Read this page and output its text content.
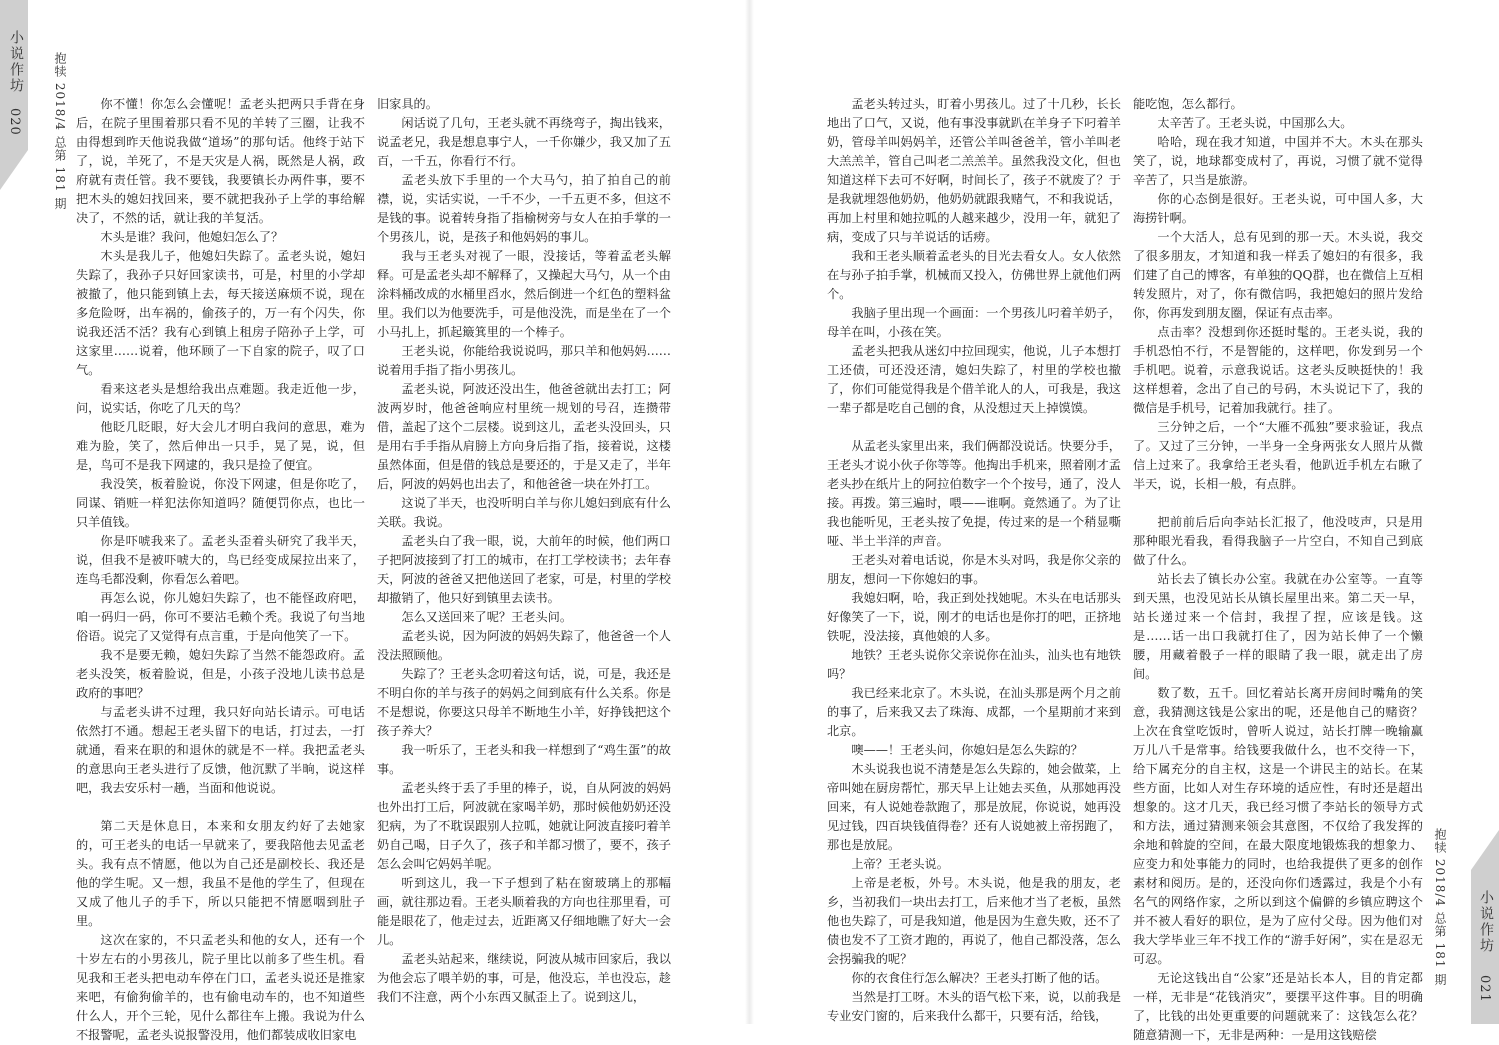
小说作坊
020	抱犊 2018/4 总第 181 期	你不懂！你怎么会懂呢！孟老头把两只手背在身后，在院子里围着那只看不见的羊转了三圈，让我不由得想到昨天他说我做“道场”的那句话。他终于站下了，说，羊死了，不是天灾是人祸，既然是人祸，政府就有责任管。我不要钱，我要镇长办两件事，要不把木头的媳妇找回来，要不就把我孙子上学的事给解决了，不然的话，就让我的羊复活。

木头是谁？我问，他媳妇怎么了？

木头是我儿子，他媳妇失踪了。孟老头说，媳妇失踪了，我孙子只好回家读书，可是，村里的小学却被撤了，他只能到镇上去，每天接送麻烦不说，现在多危险呀，出车祸的，偷孩子的，万一有个闪失，你说我还活不活？我有心到镇上租房子陪孙子上学，可这家里……说着，他环顾了一下自家的院子，叹了口气。

看来这老头是想给我出点难题。我走近他一步，问，说实话，你吃了几天的鸟？

他眨几眨眼，好大会儿才明白我问的意思，难为难为脸，笑了，然后伸出一只手，晃了晃，说，但是，鸟可不是我下网逮的，我只是捡了便宜。

我没笑，板着脸说，你没下网逮，但是你吃了，同谋、销赃一样犯法你知道吗？随便罚你点，也比一只羊值钱。

你是吓唬我来了。孟老头歪着头研究了我半天，说，但我不是被吓唬大的，鸟已经变成屎拉出来了，连鸟毛都没剩，你看怎么着吧。

再怎么说，你儿媳妇失踪了，也不能怪政府吧，咱一码归一码，你可不要沾毛赖个秃。我说了句当地俗语。说完了又觉得有点言重，于是向他笑了一下。

我不是要无赖，媳妇失踪了当然不能怨政府。孟老头没笑，板着脸说，但是，小孩子没地儿读书总是政府的事吧？

与孟老头讲不过理，我只好向站长请示。可电话依然打不通。想起王老头留下的电话，打过去，一打就通，看来在职的和退休的就是不一样。我把孟老头的意思向王老头进行了反馈，他沉默了半晌，说这样吧，我去安乐村一趟，当面和他说说。

第二天是休息日，本来和女朋友约好了去她家的，可王老头的电话一早就来了，要我陪他去见孟老头。我有点不情愿，他以为自己还是副校长、我还是他的学生呢。又一想，我虽不是他的学生了，但现在又成了他儿子的手下，所以只能把不情愿咽到肚子里。

这次在家的，不只孟老头和他的女人，还有一个十岁左右的小男孩儿，院子里比以前多了些生机。看见我和王老头把电动车停在门口，孟老头说还是推家来吧，有偷狗偷羊的，也有偷电动车的，也不知道些什么人，开个三轮，见什么都往车上搬。我说为什么不报警呢，孟老头说报警没用，他们都装成收旧家电

旧家具的。

闲话说了几句，王老头就不再绕弯子，掏出钱来，说孟老兄，我是想息事宁人，一千你嫌少，我又加了五百，一千五，你看行不行。

孟老头放下手里的一个大马勺，拍了拍自己的前襟，说，实话实说，一千不少，一千五更不多，但这不是钱的事。说着转身指了指榆树旁与女人在拍手掌的一个男孩儿，说，是孩子和他妈妈的事儿。

我与王老头对视了一眼，没接话，等着孟老头解释。可是孟老头却不解释了，又操起大马勺，从一个由涂料桶改成的水桶里舀水，然后倒进一个红色的塑料盆里。我们以为他要洗手，可是他没洗，而是坐在了一个小马扎上，抓起簸箕里的一个棒子。

王老头说，你能给我说说吗，那只羊和他妈妈……说着用手指了指小男孩儿。

孟老头说，阿波还没出生，他爸爸就出去打工；阿波两岁时，他爸爸响应村里统一规划的号召，连攒带借，盖起了这个二层楼。说到这儿，孟老头没回头，只是用右手手指从肩膀上方向身后指了指，接着说，这楼虽然体面，但是借的钱总是要还的，于是又走了，半年后，阿波的妈妈也出去了，和他爸爸一块在外打工。

这说了半天，也没听明白羊与你儿媳妇到底有什么关联。我说。

孟老头白了我一眼，说，大前年的时候，他们两口子把阿波接到了打工的城市，在打工学校读书；去年春天，阿波的爸爸又把他送回了老家，可是，村里的学校却撤销了，他只好到镇里去读书。

怎么又送回来了呢？王老头问。

孟老头说，因为阿波的妈妈失踪了，他爸爸一个人没法照顾他。

失踪了？王老头念叨着这句话，说，可是，我还是不明白你的羊与孩子的妈妈之间到底有什么关系。你是不是想说，你要这只母羊不断地生小羊，好挣钱把这个孩子养大？

我一听乐了，王老头和我一样想到了“鸡生蛋”的故事。

孟老头终于丢了手里的棒子，说，自从阿波的妈妈也外出打工后，阿波就在家喝羊奶，那时候他奶奶还没犯病，为了不耽误跟别人拉呱，她就让阿波直接叼着羊奶自己喝，日子久了，孩子和羊都习惯了，要不，孩子怎么会叫它妈妈羊呢。

听到这儿，我一下子想到了粘在窗玻璃上的那幅画，就往那边看。王老头顺着我的方向也往那里看，可能是眼花了，他走过去，近距离又仔细地瞧了好大一会儿。

孟老头站起来，继续说，阿波从城市回家后，我以为他会忘了喂羊奶的事，可是，他没忘，羊也没忘，趁我们不注意，两个小东西又腻歪上了。说到这儿，

孟老头转过头，盯着小男孩儿。过了十几秒，长长地出了口气，又说，他有事没事就趴在羊身子下叼着羊奶，管母羊叫妈妈羊，还管公羊叫爸爸羊，管小羊叫老大羔羔羊，管自己叫老二羔羔羊。虽然我没文化，但也知道这样下去可不好啊，时间长了，孩子不就废了？于是我就埋怨他奶奶，他奶奶就跟我赌气，不和我说话，再加上村里和她拉呱的人越来越少，没用一年，就犯了病，变成了只与羊说话的话痨。

我和王老头顺着孟老头的目光去看女人。女人依然在与孙子拍手掌，机械而又投入，仿佛世界上就他们两个。

我脑子里出现一个画面：一个男孩儿叼着羊奶子，母羊在叫，小孩在笑。

孟老头把我从迷幻中拉回现实，他说，儿子本想打工还债，可还没还清，媳妇失踪了，村里的学校也撤了，你们可能觉得我是个借羊讹人的人，可我是，我这一辈子都是吃自己刨的食，从没想过天上掉馍馍。

从孟老头家里出来，我们俩都没说话。快要分手，王老头才说小伙子你等等。他掏出手机来，照着刚才孟老头抄在纸片上的阿拉伯数字一个个按号，通了，没人接。再拨。第三遍时，喂——谁啊。竟然通了。为了让我也能听见，王老头按了免提，传过来的是一个稍显嘶哑、半土半洋的声音。

王老头对着电话说，你是木头对吗，我是你父亲的朋友，想问一下你媳妇的事。

我媳妇啊，哈，我正到处找她呢。木头在电话那头好像笑了一下，说，刚才的电话也是你打的吧，正挤地铁呢，没法接，真他娘的人多。

地铁？王老头说你父亲说你在汕头，汕头也有地铁吗？

我已经来北京了。木头说，在汕头那是两个月之前的事了，后来我又去了珠海、成都，一个星期前才来到北京。

噢——！王老头问，你媳妇是怎么失踪的？

木头说我也说不清楚是怎么失踪的，她会做菜，上帝叫她在厨房帮忙，那天早上让她去买鱼，从那她再没回来，有人说她卷款跑了，那是放屁，你说说，她再没见过钱，四百块钱值得卷？还有人说她被上帝拐跑了，那也是放屁。

上帝？王老头说。

上帝是老板，外号。木头说，他是我的朋友，老乡，当初我们一块出去打工，后来他才当了老板，虽然他也失踪了，可是我知道，他是因为生意失败，还不了债也发不了工资才跑的，再说了，他自己都没落，怎么会拐骗我的呢？

你的衣食住行怎么解决？王老头打断了他的话。

当然是打工呀。木头的语气松下来，说，以前我是专业安门窗的，后来我什么都干，只要有活，给钱，

能吃饱，怎么都行。

太辛苦了。王老头说，中国那么大。

哈哈，现在我才知道，中国并不大。木头在那头笑了，说，地球都变成村了，再说，习惯了就不觉得辛苦了，只当是旅游。

你的心态倒是很好。王老头说，可中国人多，大海捞针啊。

一个大活人，总有见到的那一天。木头说，我交了很多朋友，才知道和我一样丢了媳妇的有很多，我们建了自己的博客，有单独的QQ群，也在微信上互相转发照片，对了，你有微信吗，我把媳妇的照片发给你，你再发到朋友圈，保证有点击率。

点击率？没想到你还挺时髦的。王老头说，我的手机恐怕不行，不是智能的，这样吧，你发到另一个手机吧。说着，示意我说话。这老头反映挺快的！我这样想着，念出了自己的号码，木头说记下了，我的微信是手机号，记着加我就行。挂了。

三分钟之后，一个“大雁不孤独”要求验证，我点了。又过了三分钟，一半身一全身两张女人照片从微信上过来了。我拿给王老头看，他趴近手机左右瞅了半天，说，长相一般，有点胖。

把前前后后向李站长汇报了，他没吱声，只是用那种眼光看我，看得我脑子一片空白，不知自己到底做了什么。

站长去了镇长办公室。我就在办公室等。一直等到天黑，也没见站长从镇长屋里出来。第二天一早，站长递过来一个信封，我捏了捏，应该是钱。这是……话一出口我就打住了，因为站长伸了一个懒腰，用藏着骰子一样的眼睛了我一眼，就走出了房间。

数了数，五千。回忆着站长离开房间时嘴角的笑意，我猜测这钱是公家出的呢，还是他自己的赌资？上次在食堂吃饭时，曾听人说过，站长打牌一晚输赢万儿八千是常事。给钱要我做什么，也不交待一下，给下属充分的自主权，这是一个讲民主的站长。在某些方面，比如人对生存环境的适应性，有时还是超出想象的。这才几天，我已经习惯了李站长的领导方式和方法，通过猜测来领会其意图，不仅给了我发挥的余地和斡旋的空间，在最大限度地锻炼我的想象力、应变力和处事能力的同时，也给我提供了更多的创作素材和阅历。是的，还没向你们透露过，我是个小有名气的网络作家，之所以到这个偏僻的乡镇应聘这个并不被人看好的职位，是为了应付父母。因为他们对我大学毕业三年不找工作的“游手好闲”，实在是忍无可忍。

无论这钱出自“公家”还是站长本人，目的肯定都一样，无非是“花钱消灾”，要摆平这件事。目的明确了，比钱的出处更重要的问题就来了：这钱怎么花？随意猜测一下，无非是两种：一是用这钱赔偿

抱犊 2018/4 总第 181 期 小说作坊
021
